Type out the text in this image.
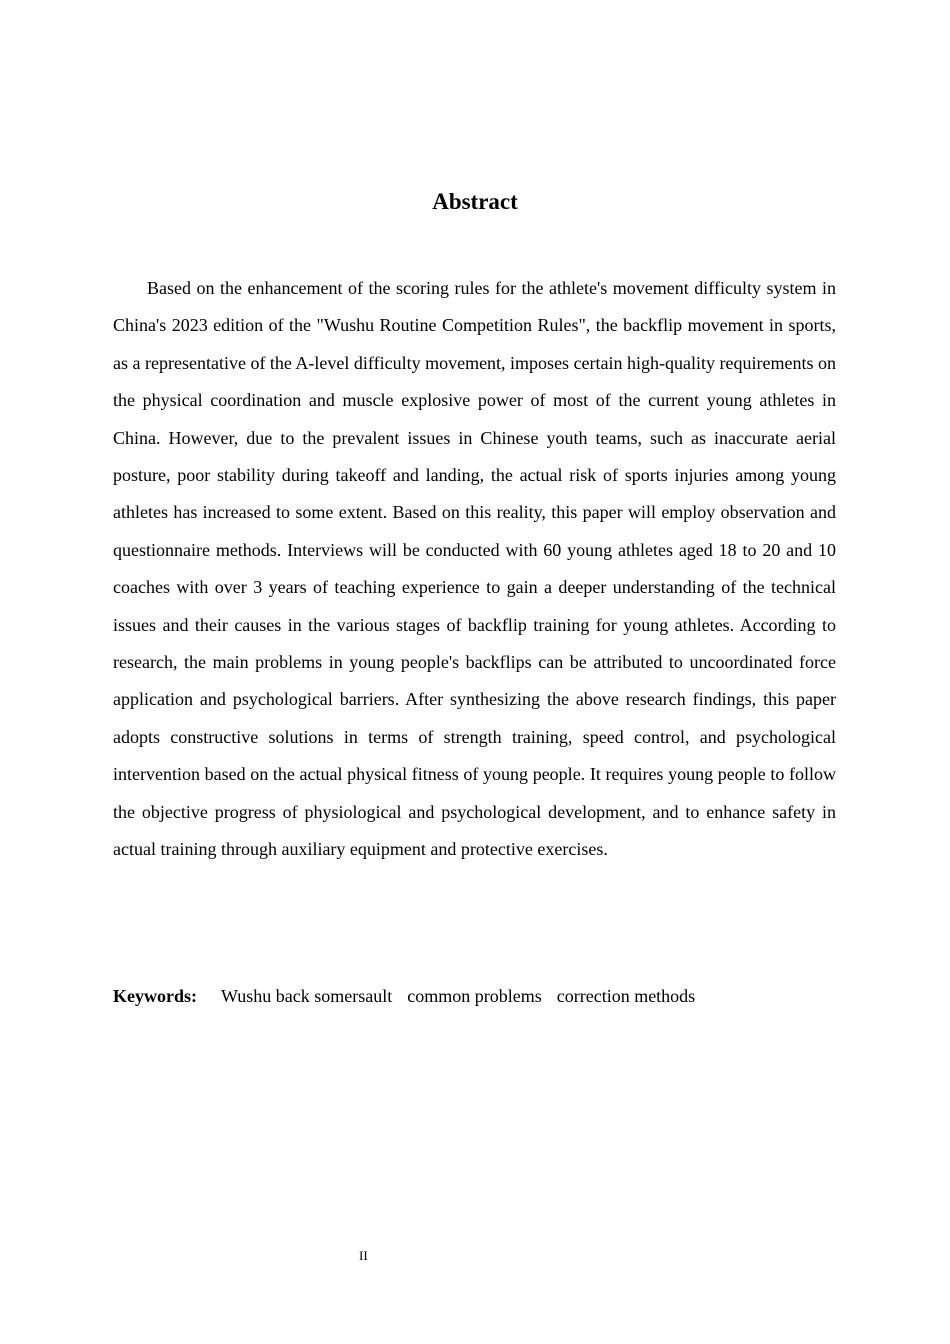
Abstract

Based on the enhancement of the scoring rules for the athlete's movement difficulty system in China's 2023 edition of the "Wushu Routine Competition Rules", the backflip movement in sports, as a representative of the A-level difficulty movement, imposes certain high-quality requirements on the physical coordination and muscle explosive power of most of the current young athletes in China. However, due to the prevalent issues in Chinese youth teams, such as inaccurate aerial posture, poor stability during takeoff and landing, the actual risk of sports injuries among young athletes has increased to some extent. Based on this reality, this paper will employ observation and questionnaire methods. Interviews will be conducted with 60 young athletes aged 18 to 20 and 10 coaches with over 3 years of teaching experience to gain a deeper understanding of the technical issues and their causes in the various stages of backflip training for young athletes. According to research, the main problems in young people's backflips can be attributed to uncoordinated force application and psychological barriers. After synthesizing the above research findings, this paper adopts constructive solutions in terms of strength training, speed control, and psychological intervention based on the actual physical fitness of young people. It requires young people to follow the objective progress of physiological and psychological development, and to enhance safety in actual training through auxiliary equipment and protective exercises.

Keywords: Wushu back somersault common problems correction methods
II
